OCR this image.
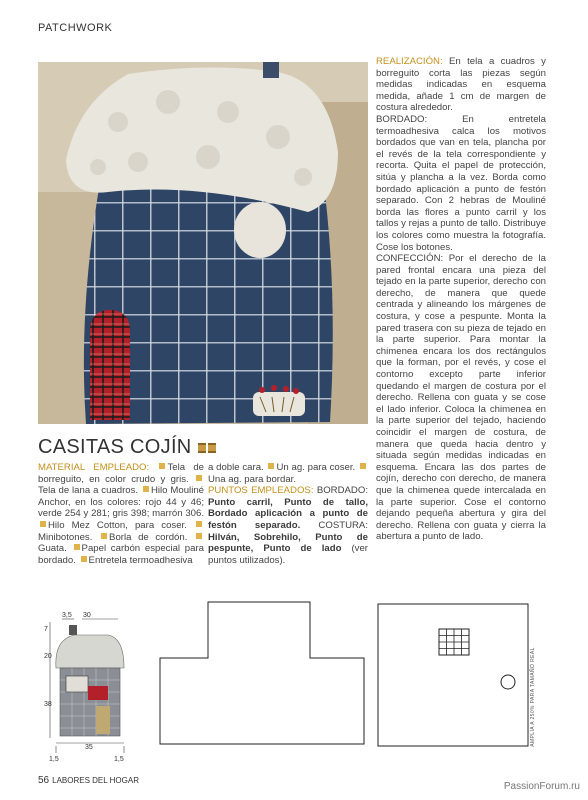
PATCHWORK
CASITAS COJÍN
MATERIAL EMPLEADO: Tela de borreguito, en color crudo y gris. Tela de lana a cuadros. Hilo Mouliné Anchor, en los colores: rojo 44 y 46; verde 254 y 281; gris 398; marrón 306. Hilo Mez Cotton, para coser. Minibotones. Borla de cordón. Guata. Papel carbón especial para bordado. Entretela termoadhesiva
a doble cara. Un ag. para coser. Una ag. para bordar.
PUNTOS EMPLEADOS: BORDADO: Punto carril, Punto de tallo, Bordado aplicación a punto de festón separado. COSTURA: Hilván, Sobrehilo, Punto de pespunte, Punto de lado (ver puntos utilizados).
REALIZACIÓN: En tela a cuadros y borreguito corta las piezas según medidas indicadas en esquema medida, añade 1 cm de margen de costura alrededor.
BORDADO:	En entretela termoadhesiva calca los motivos bordados que van en tela, plancha por el revés de la tela correspondiente y recorta. Quita el papel de protección, sitúa y plancha a la vez. Borda como bordado aplicación a punto de festón separado. Con 2 hebras de Mouliné borda las flores a punto carril y los tallos y rejas a punto de tallo. Distribuye los colores como muestra la fotografía. Cose los botones.
CONFECCIÓN: Por el derecho de la pared frontal encara una pieza del tejado en la parte superior, derecho con derecho, de manera que quede centrada y alineando los márgenes de costura, y cose a pespunte. Monta la pared trasera con su pieza de tejado en la parte superior. Para montar la chimenea encara los dos rectángulos que la forman, por el revés, y cose el contorno excepto parte inferior quedando el margen de costura por el derecho. Rellena con guata y se cose el lado inferior. Coloca la chimenea en la parte superior del tejado, haciendo coincidir el margen de costura, de manera que queda hacia dentro y situada según medidas indicadas en esquema. Encara las dos partes de cojín, derecho con derecho, de manera que la chimenea quede intercalada en la parte superior. Cose el contorno dejando pequeña abertura y gira del derecho. Rellena con guata y cierra la abertura a punto de lado.
3,5 30
7
20
38
35
1,5	1,5
AMPLIA A 250% PARA TAMAÑO REAL
56 LABORES DEL HOGAR
PassionForum.ru
